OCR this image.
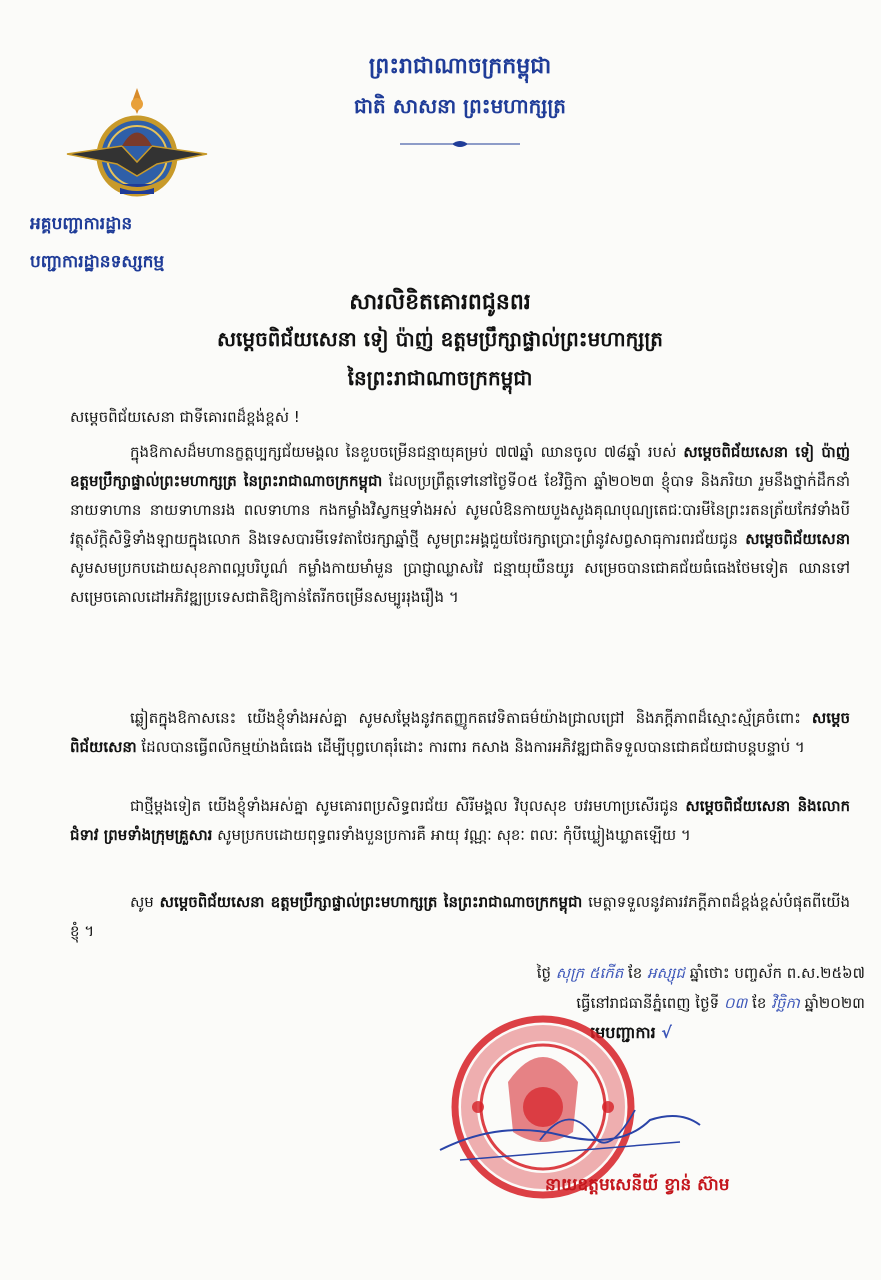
ព្រះរាជាណាចក្រកម្ពុជា
ជាតិ សាសនា ព្រះមហាក្សត្រ
អគ្គបញ្ជាការដ្ឋាន
បញ្ជាការដ្ឋានទស្សកម្ម
សារលិខិតគោរពជូនពរ
សម្តេចពិជ័យសេនា ទៀ ប៉ាញ់ ឧត្តមប្រឹក្សាផ្ទាល់ព្រះមហាក្សត្រ
នៃព្រះរាជាណាចក្រកម្ពុជា
សម្តេចពិជ័យសេនា ជាទីគោរពដ៏ខ្ពង់ខ្ពស់ !
ក្នុងឱកាសដ៏មហានក្ខត្តប្បក្សជ័យមង្គល នៃខួបចម្រើនជន្មាយុគម្រប់ ៧៧ឆ្នាំ ឈានចូល ៧៨ឆ្នាំ របស់ សម្តេចពិជ័យសេនា ទៀ ប៉ាញ់ ឧត្តមប្រឹក្សាផ្ទាល់ព្រះមហាក្សត្រ នៃព្រះរាជាណាចក្រកម្ពុជា ដែលប្រព្រឹត្តទៅនៅថ្ងៃទី០៥ ខែវិច្ឆិកា ឆ្នាំ២០២៣ ខ្ញុំបាទ និងភរិយា រួមនឹងថ្នាក់ដឹកនាំ នាយទាហាន នាយទាហានរង ពលទាហាន កងកម្លាំងវិស្វកម្មទាំងអស់ សូមលំឱនកាយបួងសួងគុណបុណ្យតេជៈបារមីនៃព្រះរតនត្រ័យកែវទាំងបី វត្ថុស័ក្តិសិទ្ធិទាំងឡាយក្នុងលោក និងទេសបារមីទេវតាថែរក្សាឆ្នាំថ្មី សូមព្រះអង្គជួយថែរក្សាប្រោះព្រំនូវសព្វសាធុការពរជ័យជូន សម្តេចពិជ័យសេនា សូមសមប្រកបដោយសុខភាពល្អបរិបូណ៌ កម្លាំងកាយមាំមួន ប្រាជ្ញាឈ្លាសវៃ ជន្មាយុយឺនយូរ សម្រេចបានជោគជ័យធំធេងថែមទៀត ឈានទៅសម្រេចគោលដៅអភិវឌ្ឍប្រទេសជាតិឱ្យកាន់តែរីកចម្រើនសម្បូររុងរឿង ។
ឆ្លៀតក្នុងឱកាសនេះ យើងខ្ញុំទាំងអស់គ្នា សូមសម្តែងនូវកតញ្ញូកតវេទិតាធម៌យ៉ាងជ្រាលជ្រៅ និងភក្តីភាពដ៏ស្មោះស្ម័គ្រចំពោះ សម្តេចពិជ័យសេនា ដែលបានធ្វើពលិកម្មយ៉ាងធំធេង ដើម្បីបុព្វហេតុរំដោះ ការពារ កសាង និងការអភិវឌ្ឍជាតិទទួលបានជោគជ័យជាបន្តបន្ទាប់ ។
ជាថ្មីម្តងទៀត យើងខ្ញុំទាំងអស់គ្នា សូមគោរពប្រសិទ្ធពរជ័យ សិរីមង្គល វិបុលសុខ បវរមហាប្រសើរជូន សម្តេចពិជ័យសេនា និងលោកជំទាវ ព្រមទាំងក្រុមគ្រួសារ សូមប្រកបដោយពុទ្ធពរទាំងបួនប្រការគឺ អាយុ វណ្ណៈ សុខៈ ពលៈ កុំបីឃ្លៀងឃ្លាតឡើយ ។
សូម សម្តេចពិជ័យសេនា ឧត្តមប្រឹក្សាផ្ទាល់ព្រះមហាក្សត្រ នៃព្រះរាជាណាចក្រកម្ពុជា មេត្តាទទួលនូវគារវភក្តីភាពដ៏ខ្ពង់ខ្ពស់បំផុតពីយើងខ្ញុំ ។
ថ្ងៃ សុក្រ ៥កើត ខែ អស្សុជ ឆ្នាំថោះ បញ្ចស័ក ព.ស.២៥៦៧
ធ្វើនៅរាជធានីភ្នំពេញ ថ្ងៃទី ០៣ ខែ វិច្ឆិកា ឆ្នាំ២០២៣
មេបញ្ជាការ √
នាយឧត្តមសេនីយ៍ ខ្វាន់ ស៊ាម
